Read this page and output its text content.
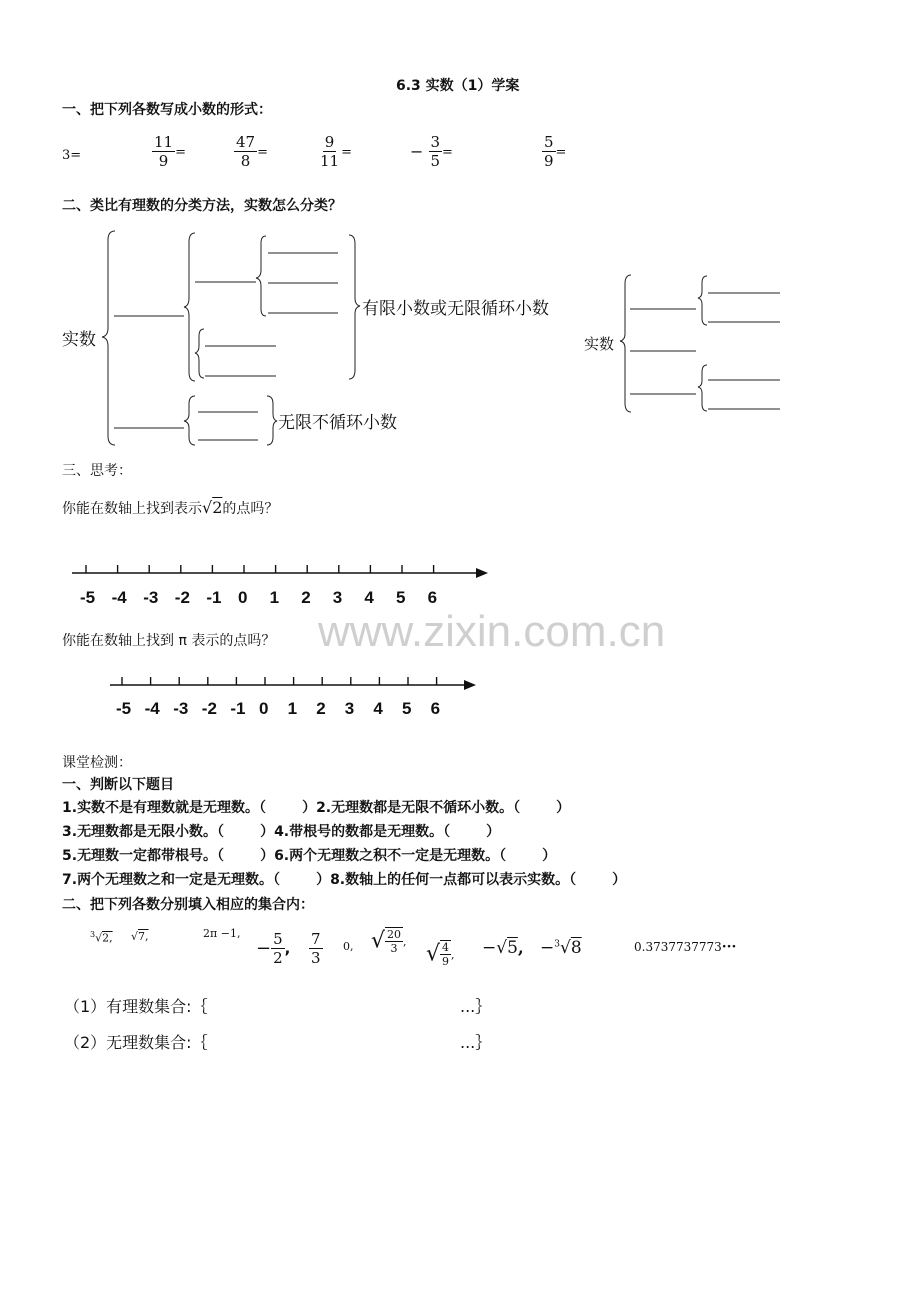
6.3 实数（1）学案
一、把下列各数写成小数的形式：
3=	$\frac{11}{9}$ =	$\frac{47}{8}$ =	$\frac{9}{11}$ =	− $\frac{3}{5}$ =	$\frac{5}{9}$ =
二、类比有理数的分类方法，实数怎么分类？
实数
有限小数或无限循环小数
无限不循环小数
实数
三、思考：
你能在数轴上找到表示√2的点吗？
-5 -4 -3 -2 -1 0 1 2 3 4 5 6
你能在数轴上找到 π 表示的点吗？
-5 -4 -3 -2 -1 0 1 2 3 4 5 6
www.zixin.com.cn
课堂检测：
一、判断以下题目
1.实数不是有理数就是无理数。（	）2.无理数都是无限不循环小数。（	）
3.无理数都是无限小数。（	）4.带根号的数都是无理数。（	）
5.无理数一定都带根号。（	）6.两个无理数之积不一定是无理数。（	）
7.两个无理数之和一定是无理数。（	）8.数轴上的任何一点都可以表示实数。（	）
二、把下列各数分别填入相应的集合内：
$^3$√2, √7,	2π −1,
− $\frac{5}{2}$ , $\frac{7}{3} 0$, √ $\frac{20}{3}$ , √ $\frac{4}{9}$ , −√5, −$^3$√8	0.3737737773···
（1）有理数集合:｛	...｝
（2）无理数集合:｛	...｝
